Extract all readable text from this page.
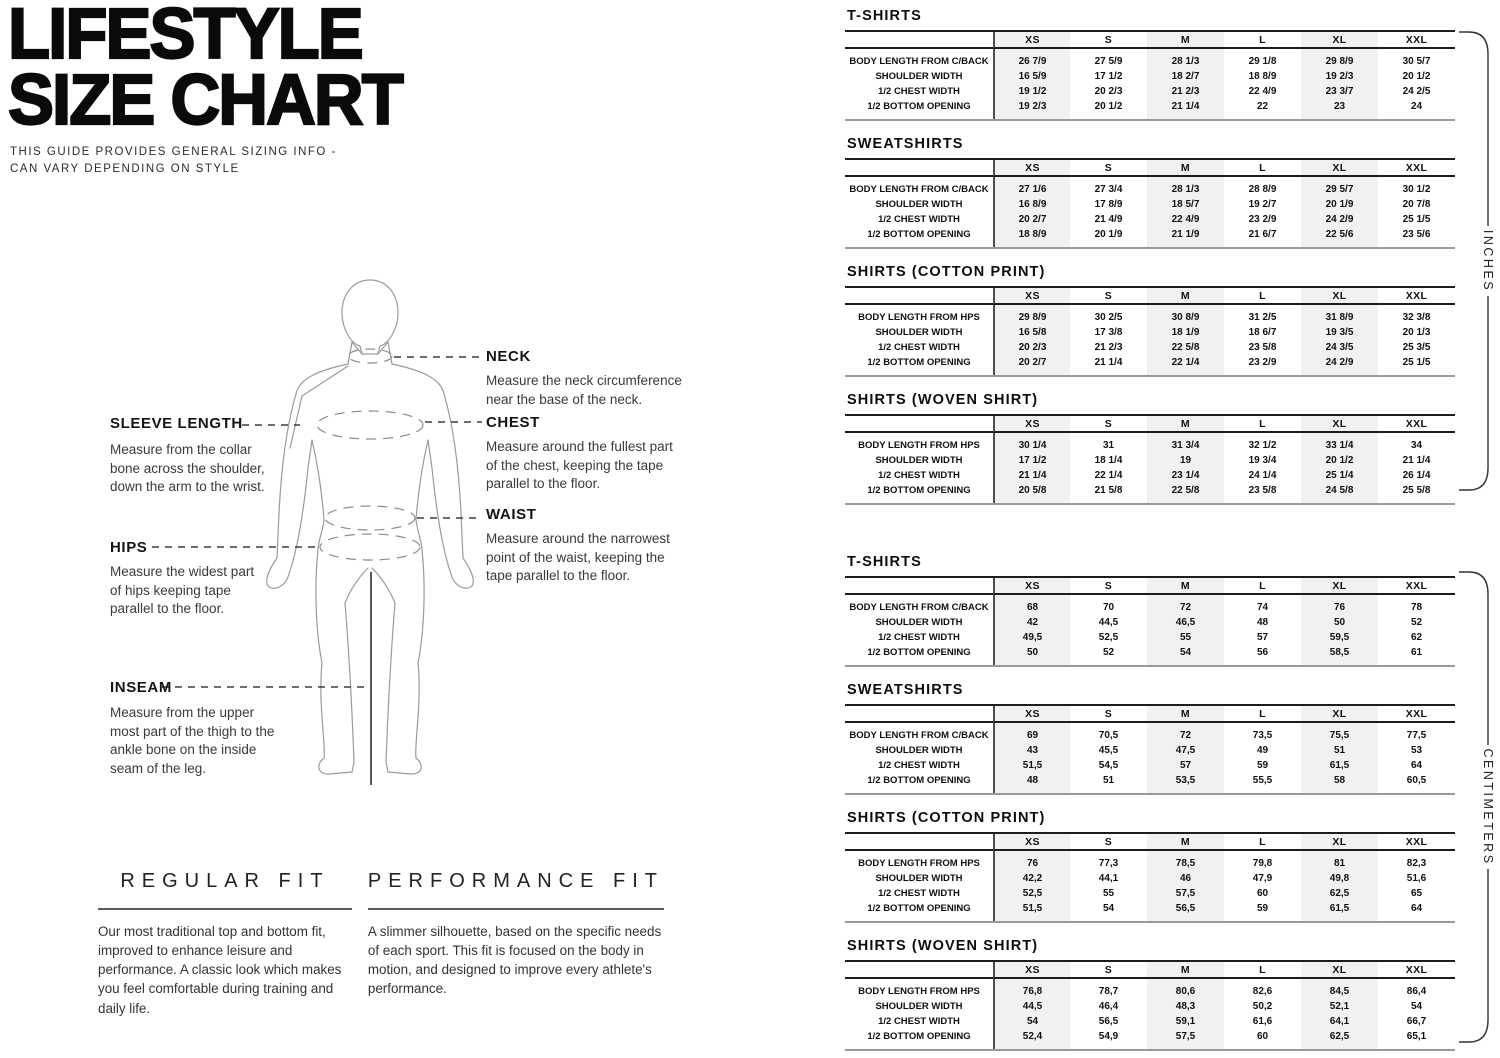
LIFESTYLE
SIZE CHART
THIS GUIDE PROVIDES GENERAL SIZING INFO -
CAN VARY DEPENDING ON STYLE
NECK
Measure the neck circumference near the base of the neck.
SLEEVE LENGTH
Measure from the collar bone across the shoulder, down the arm to the wrist.
CHEST
Measure around the fullest part of the chest, keeping the tape parallel to the floor.
WAIST
Measure around the narrowest point of the waist, keeping the tape parallel to the floor.
HIPS
Measure the widest part of hips keeping tape parallel to the floor.
INSEAM
Measure from the upper most part of the thigh to the ankle bone on the inside seam of the leg.
REGULAR FIT
Our most traditional top and bottom fit, improved to enhance leisure and performance. A classic look which makes you feel comfortable during training and daily life.
PERFORMANCE FIT
A slimmer silhouette, based on the specific needs of each sport. This fit is focused on the body in motion, and designed to improve every athlete's performance.
T-SHIRTS
XS	S	M	L	XL	XXL
BODY LENGTH FROM C/BACK	26 7/9	27 5/9	28 1/3	29 1/8	29 8/9	30 5/7
SHOULDER WIDTH	16 5/9	17 1/2	18 2/7	18 8/9	19 2/3	20 1/2
1/2 CHEST WIDTH	19 1/2	20 2/3	21 2/3	22 4/9	23 3/7	24 2/5
1/2 BOTTOM OPENING	19 2/3	20 1/2	21 1/4	22	23	24
SWEATSHIRTS
XS	S	M	L	XL	XXL
BODY LENGTH FROM C/BACK	27 1/6	27 3/4	28 1/3	28 8/9	29 5/7	30 1/2
SHOULDER WIDTH	16 8/9	17 8/9	18 5/7	19 2/7	20 1/9	20 7/8
1/2 CHEST WIDTH	20 2/7	21 4/9	22 4/9	23 2/9	24 2/9	25 1/5
1/2 BOTTOM OPENING	18 8/9	20 1/9	21 1/9	21 6/7	22 5/6	23 5/6
SHIRTS (COTTON PRINT)
XS	S	M	L	XL	XXL
BODY LENGTH FROM HPS	29 8/9	30 2/5	30 8/9	31 2/5	31 8/9	32 3/8
SHOULDER WIDTH	16 5/8	17 3/8	18 1/9	18 6/7	19 3/5	20 1/3
1/2 CHEST WIDTH	20 2/3	21 2/3	22 5/8	23 5/8	24 3/5	25 3/5
1/2 BOTTOM OPENING	20 2/7	21 1/4	22 1/4	23 2/9	24 2/9	25 1/5
SHIRTS (WOVEN SHIRT)
XS	S	M	L	XL	XXL
BODY LENGTH FROM HPS	30 1/4	31	31 3/4	32 1/2	33 1/4	34
SHOULDER WIDTH	17 1/2	18 1/4	19	19 3/4	20 1/2	21 1/4
1/2 CHEST WIDTH	21 1/4	22 1/4	23 1/4	24 1/4	25 1/4	26 1/4
1/2 BOTTOM OPENING	20 5/8	21 5/8	22 5/8	23 5/8	24 5/8	25 5/8
INCHES
T-SHIRTS
XS	S	M	L	XL	XXL
BODY LENGTH FROM C/BACK	68	70	72	74	76	78
SHOULDER WIDTH	42	44,5	46,5	48	50	52
1/2 CHEST WIDTH	49,5	52,5	55	57	59,5	62
1/2 BOTTOM OPENING	50	52	54	56	58,5	61
SWEATSHIRTS
XS	S	M	L	XL	XXL
BODY LENGTH FROM C/BACK	69	70,5	72	73,5	75,5	77,5
SHOULDER WIDTH	43	45,5	47,5	49	51	53
1/2 CHEST WIDTH	51,5	54,5	57	59	61,5	64
1/2 BOTTOM OPENING	48	51	53,5	55,5	58	60,5
SHIRTS (COTTON PRINT)
XS	S	M	L	XL	XXL
BODY LENGTH FROM HPS	76	77,3	78,5	79,8	81	82,3
SHOULDER WIDTH	42,2	44,1	46	47,9	49,8	51,6
1/2 CHEST WIDTH	52,5	55	57,5	60	62,5	65
1/2 BOTTOM OPENING	51,5	54	56,5	59	61,5	64
SHIRTS (WOVEN SHIRT)
XS	S	M	L	XL	XXL
BODY LENGTH FROM HPS	76,8	78,7	80,6	82,6	84,5	86,4
SHOULDER WIDTH	44,5	46,4	48,3	50,2	52,1	54
1/2 CHEST WIDTH	54	56,5	59,1	61,6	64,1	66,7
1/2 BOTTOM OPENING	52,4	54,9	57,5	60	62,5	65,1
CENTIMETERS
